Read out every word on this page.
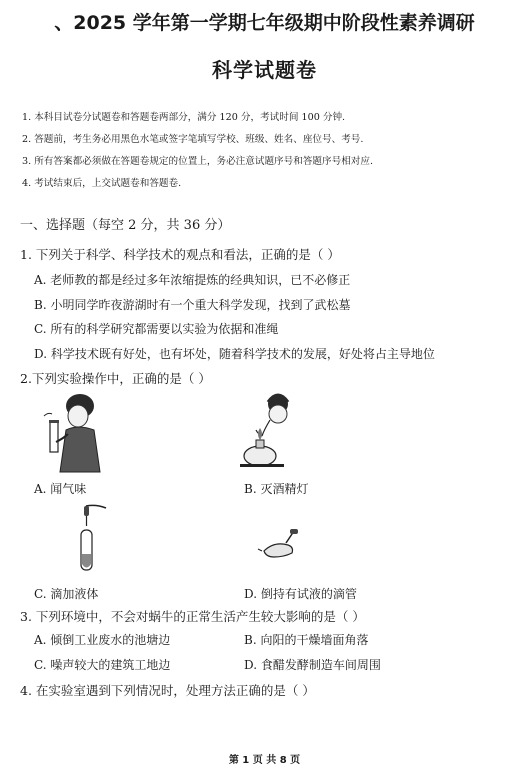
、2025 学年第一学期七年级期中阶段性素养调研
科学试题卷
1. 本科目试卷分试题卷和答题卷两部分，满分 120 分，考试时间 100 分钟.
2. 答题前，考生务必用黑色水笔或签字笔填写学校、班级、姓名、座位号、考号.
3. 所有答案都必须做在答题卷规定的位置上，务必注意试题序号和答题序号相对应.
4. 考试结束后，上交试题卷和答题卷.
一、选择题（每空 2 分，共 36 分）
1. 下列关于科学、科学技术的观点和看法，正确的是（ ）
A. 老师教的都是经过多年浓缩提炼的经典知识，已不必修正
B. 小明同学昨夜游湖时有一个重大科学发现，找到了武松墓
C. 所有的科学研究都需要以实验为依据和准绳
D. 科学技术既有好处，也有坏处，随着科学技术的发展，好处将占主导地位
2.下列实验操作中，正确的是（ ）
A. 闻气味	B. 灭酒精灯
C. 滴加液体	D. 倒持有试液的滴管
3. 下列环境中，不会对蜗牛的正常生活产生较大影响的是（ ）
A. 倾倒工业废水的池塘边	B. 向阳的干燥墙面角落
C. 噪声较大的建筑工地边	D. 食醋发酵制造车间周围
4. 在实验室遇到下列情况时，处理方法正确的是（ ）
第 1 页 共 8 页
